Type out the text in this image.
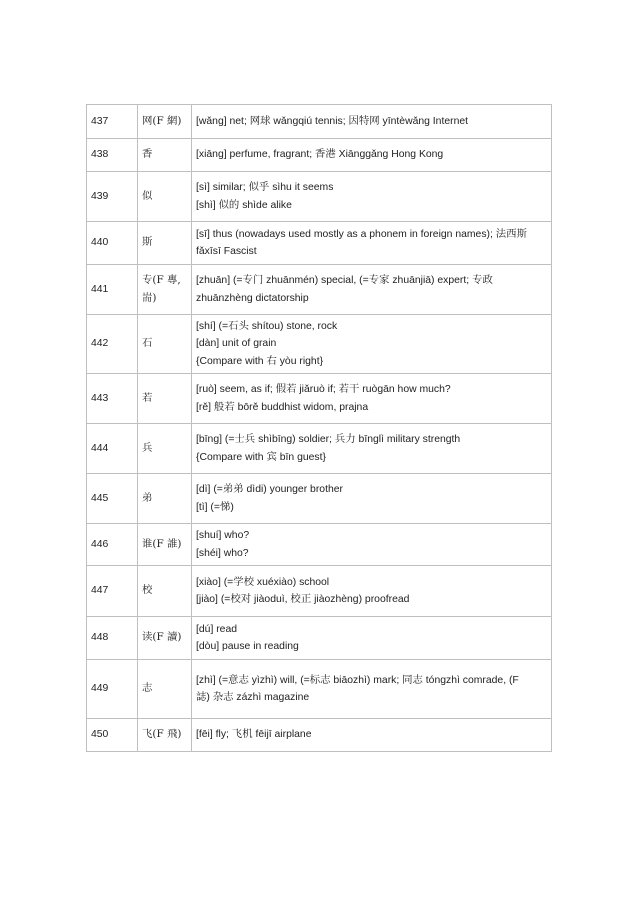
437	网(F 網)	[wǎng] net; 网球 wǎngqiú tennis; 因特网 yīntèwǎng Internet

438	香	[xiāng] perfume, fragrant; 香港 Xiānggǎng Hong Kong

439	似	[sì] similar; 似乎 sìhu it seems
[shì] 似的 shìde alike

440	斯	[sī] thus (nowadays used mostly as a phonem in foreign names); 法西斯
fǎxīsī Fascist

441	专(F 專, 耑)	[zhuān] (=专门 zhuānmén) special, (=专家 zhuānjiā) expert; 专政
zhuānzhèng dictatorship

442	石	[shí] (=石头 shítou) stone, rock
[dàn] unit of grain
{Compare with 右 yòu right}

443	若	[ruò] seem, as if; 假若 jiǎruò if; 若干 ruògān how much?
[rě] 般若 bōrě buddhist widom, prajna

444	兵	[bīng] (=士兵 shìbīng) soldier; 兵力 bīnglì military strength
{Compare with 宾 bīn guest}

445	弟	[dì] (=弟弟 dìdi) younger brother
[tì] (=悌)

446	谁(F 誰)	[shuí] who?
[shéi] who?

447	校	[xiào] (=学校 xuéxiào) school
[jiào] (=校对 jiàoduì, 校正 jiàozhèng) proofread

448	读(F 讀)	[dú] read
[dòu] pause in reading

449	志	[zhì] (=意志 yìzhì) will, (=标志 biāozhì) mark; 同志 tóngzhì comrade, (F
誌) 杂志 zázhì magazine

450	飞(F 飛)	[fēi] fly; 飞机 fēijī airplane
